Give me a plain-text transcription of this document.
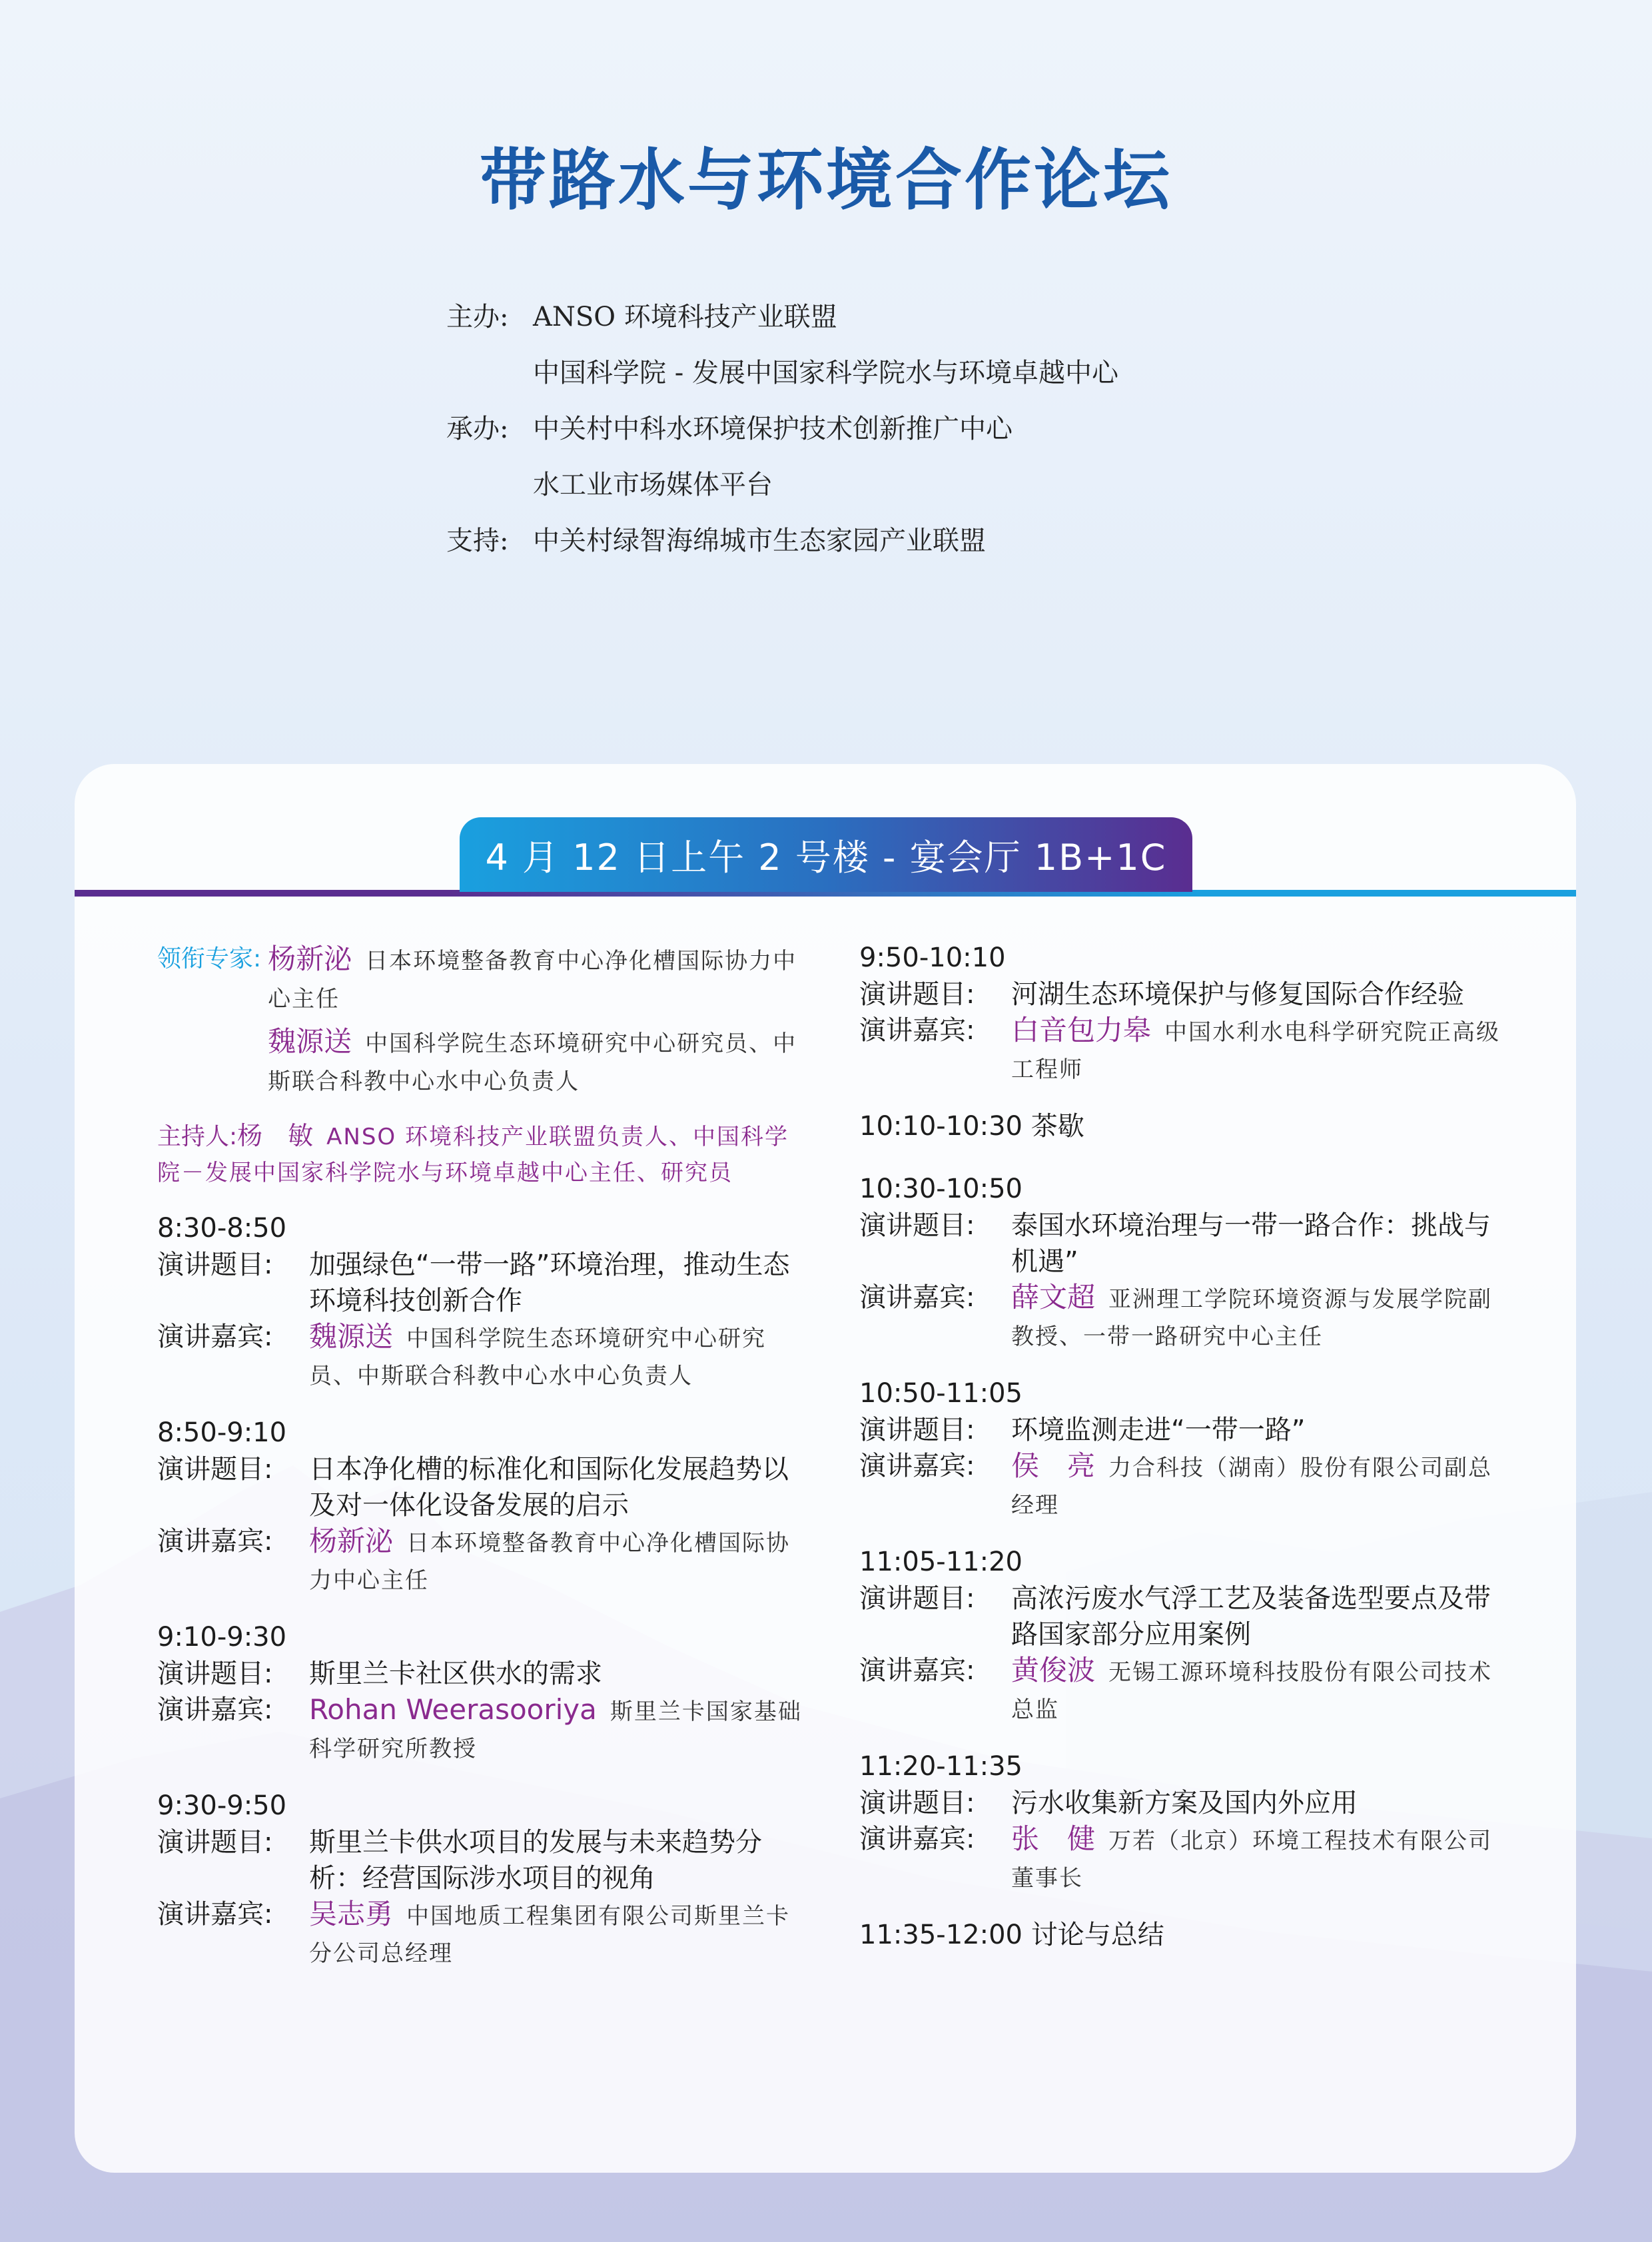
带路水与环境合作论坛
主办: ANSO 环境科技产业联盟
中国科学院 - 发展中国家科学院水与环境卓越中心
承办: 中关村中科水环境保护技术创新推广中心
水工业市场媒体平台
支持: 中关村绿智海绵城市生态家园产业联盟
4 月 12 日上午 2 号楼 - 宴会厅 1B+1C
领衔专家: 杨新泌 日本环境整备教育中心净化槽国际协力中心主任
魏源送 中国科学院生态环境研究中心研究员、中斯联合科教中心水中心负责人
主持人:杨　敏 ANSO 环境科技产业联盟负责人、中国科学院－发展中国家科学院水与环境卓越中心主任、研究员
8:30-8:50
演讲题目:	加强绿色“一带一路”环境治理，推动生态环境科技创新合作
演讲嘉宾:	魏源送 中国科学院生态环境研究中心研究员、中斯联合科教中心水中心负责人
8:50-9:10
演讲题目:	日本净化槽的标准化和国际化发展趋势以及对一体化设备发展的启示
演讲嘉宾:	杨新泌 日本环境整备教育中心净化槽国际协力中心主任
9:10-9:30
演讲题目:	斯里兰卡社区供水的需求
演讲嘉宾:	Rohan Weerasooriya 斯里兰卡国家基础科学研究所教授
9:30-9:50
演讲题目:	斯里兰卡供水项目的发展与未来趋势分析：经营国际涉水项目的视角
演讲嘉宾:	吴志勇 中国地质工程集团有限公司斯里兰卡分公司总经理
9:50-10:10
演讲题目:	河湖生态环境保护与修复国际合作经验
演讲嘉宾:	白音包力皋 中国水利水电科学研究院正高级工程师
10:10-10:30 茶歇
10:30-10:50
演讲题目:	泰国水环境治理与一带一路合作：挑战与机遇”
演讲嘉宾:	薛文超 亚洲理工学院环境资源与发展学院副教授、一带一路研究中心主任
10:50-11:05
演讲题目:	环境监测走进“一带一路”
演讲嘉宾:	侯　亮 力合科技（湖南）股份有限公司副总经理
11:05-11:20
演讲题目:	高浓污废水气浮工艺及装备选型要点及带路国家部分应用案例
演讲嘉宾:	黄俊波 无锡工源环境科技股份有限公司技术总监
11:20-11:35
演讲题目:	污水收集新方案及国内外应用
演讲嘉宾:	张　健 万若（北京）环境工程技术有限公司董事长
11:35-12:00 讨论与总结
